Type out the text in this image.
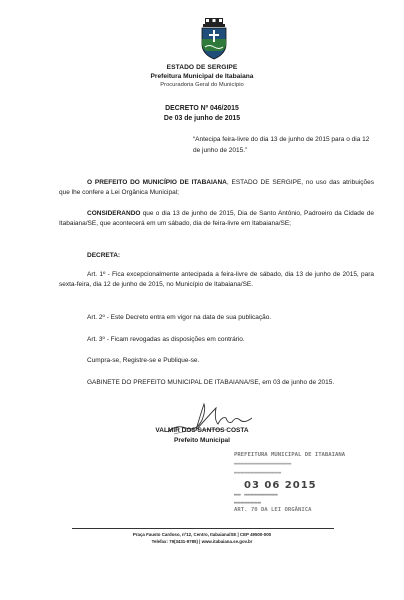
ESTADO DE SERGIPE
Prefeitura Municipal de Itabaiana
Procuradoria Geral do Município
DECRETO Nº 046/2015
De 03 de junho de 2015
“Antecipa feira-livre do dia 13 de junho de 2015 para o dia 12 de junho de 2015.”
O PREFEITO DO MUNICÍPIO DE ITABAIANA, ESTADO DE SERGIPE, no uso das atribuições que lhe confere a Lei Orgânica Municipal;
CONSIDERANDO que o dia 13 de junho de 2015, Dia de Santo Antônio, Padroeiro da Cidade de Itabaiana/SE, que acontecerá em um sábado, dia de feira-livre em Itabaiana/SE;
DECRETA:
Art. 1º - Fica excepcionalmente antecipada a feira-livre de sábado, dia 13 de junho de 2015, para sexta-feira, dia 12 de junho de 2015, no Município de Itabaiana/SE.
Art. 2º - Este Decreto entra em vigor na data de sua publicação.
Art. 3º - Ficam revogadas as disposições em contrário.
Cumpra-se, Registre-se e Publique-se.
GABINETE DO PREFEITO MUNICIPAL DE ITABAIANA/SE, em 03 de junho de 2015.
VALMIR DOS SANTOS COSTA
Prefeito Municipal
PREFEITURA MUNICIPAL DE ITABAIANA
▬▬▬▬▬▬▬▬▬▬▬▬▬▬▬▬▬
▬▬▬▬▬▬▬▬▬▬▬▬▬▬
03 06 2015
▬▬ ▬▬▬▬▬▬▬▬▬▬
▬▬▬▬▬▬▬▬
ART. 70 DA LEI ORGÂNICA
Praça Fausto Cardoso, nº12, Centro, Itabaiana/SE | CEP 49500-000
Telefax: 79(3431-9785) | www.itabaiana.se.gov.br
